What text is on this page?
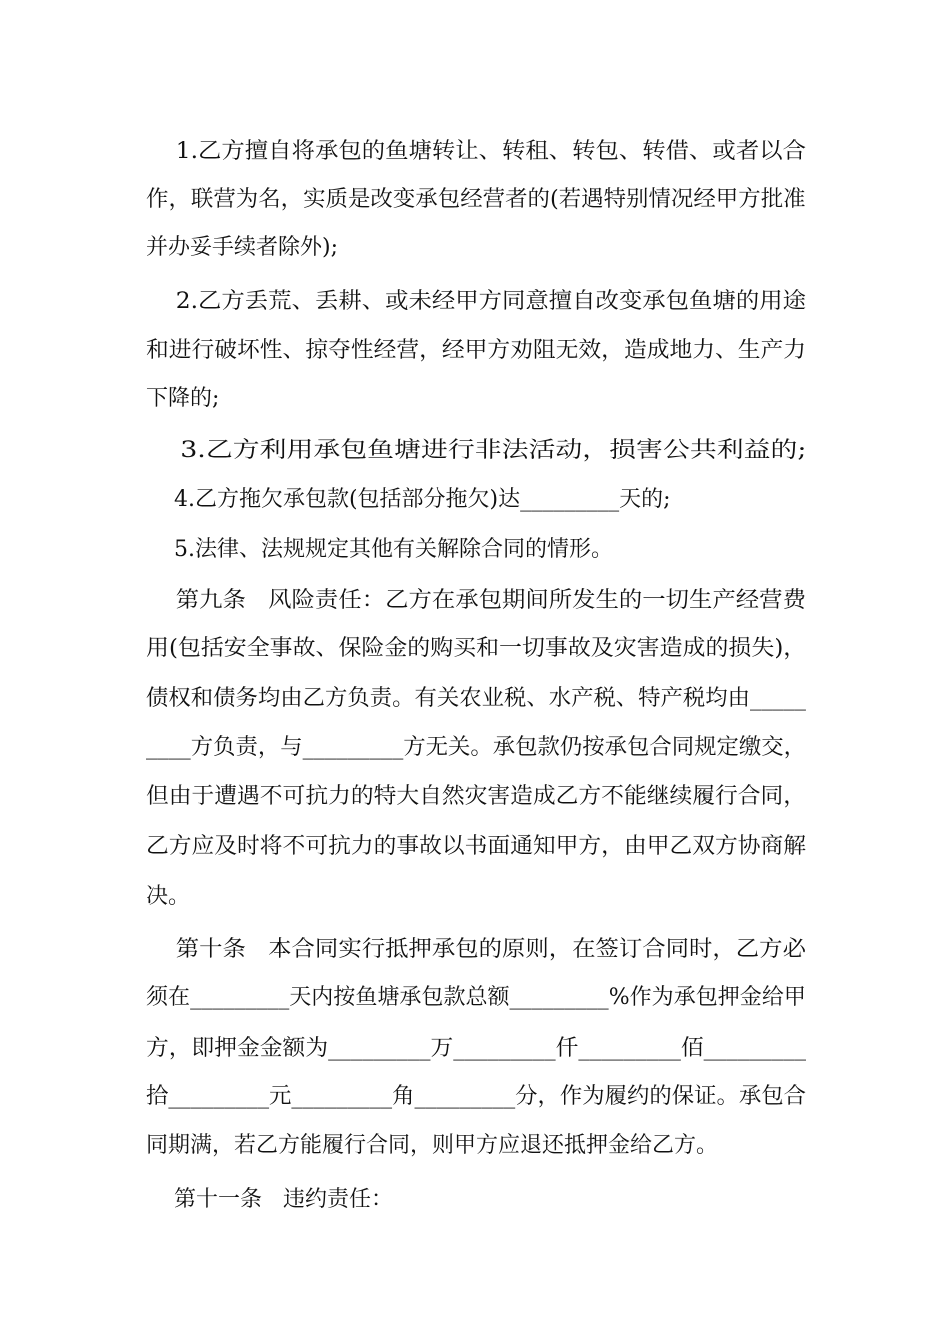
1.乙方擅自将承包的鱼塘转让、转租、转包、转借、或者以合
作，联营为名，实质是改变承包经营者的(若遇特别情况经甲方批准
并办妥手续者除外);
2.乙方丢荒、丢耕、或未经甲方同意擅自改变承包鱼塘的用途
和进行破坏性、掠夺性经营，经甲方劝阻无效，造成地力、生产力
下降的;
3.乙方利用承包鱼塘进行非法活动，损害公共利益的;
4.乙方拖欠承包款(包括部分拖欠)达_________天的;
5.法律、法规规定其他有关解除合同的情形。
第九条   风险责任：乙方在承包期间所发生的一切生产经营费
用(包括安全事故、保险金的购买和一切事故及灾害造成的损失)，
债权和债务均由乙方负责。有关农业税、水产税、特产税均由_____
____方负责，与_________方无关。承包款仍按承包合同规定缴交，
但由于遭遇不可抗力的特大自然灾害造成乙方不能继续履行合同，
乙方应及时将不可抗力的事故以书面通知甲方，由甲乙双方协商解
决。
第十条   本合同实行抵押承包的原则，在签订合同时，乙方必
须在_________天内按鱼塘承包款总额_________%作为承包押金给甲
方，即押金金额为_________万_________仟_________佰_________
拾_________元_________角_________分，作为履约的保证。承包合
同期满，若乙方能履行合同，则甲方应退还抵押金给乙方。
第十一条   违约责任：
